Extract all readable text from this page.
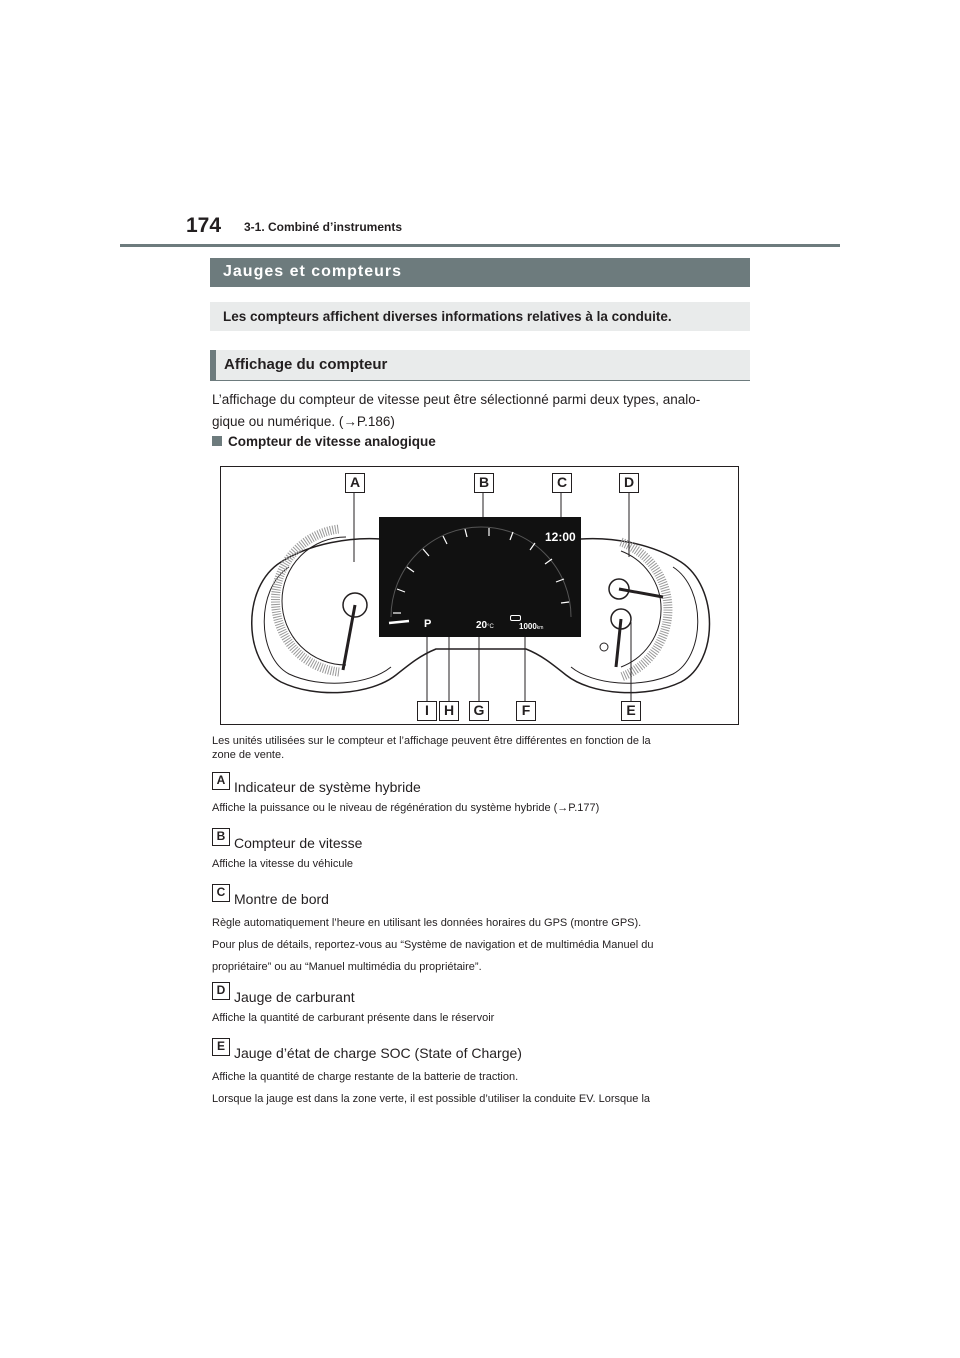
174 3-1. Combiné d’instruments
Jauges et compteurs
Les compteurs affichent diverses informations relatives à la conduite.
Affichage du compteur
L’affichage du compteur de vitesse peut être sélectionné parmi deux types, analo-
gique ou numérique. (→P.186)
Compteur de vitesse analogique
12:00
P	20°C	1000km
A	B	C	D
I	H	G	F	E
Les unités utilisées sur le compteur et l’affichage peuvent être différentes en fonction de la
zone de vente.
A Indicateur de système hybride
Affiche la puissance ou le niveau de régénération du système hybride (→P.177)
B Compteur de vitesse
Affiche la vitesse du véhicule
C Montre de bord
Règle automatiquement l’heure en utilisant les données horaires du GPS (montre GPS).
Pour plus de détails, reportez-vous au “Système de navigation et de multimédia Manuel du
propriétaire” ou au “Manuel multimédia du propriétaire”.
D Jauge de carburant
Affiche la quantité de carburant présente dans le réservoir
E Jauge d’état de charge SOC (State of Charge)
Affiche la quantité de charge restante de la batterie de traction.
Lorsque la jauge est dans la zone verte, il est possible d’utiliser la conduite EV. Lorsque la
